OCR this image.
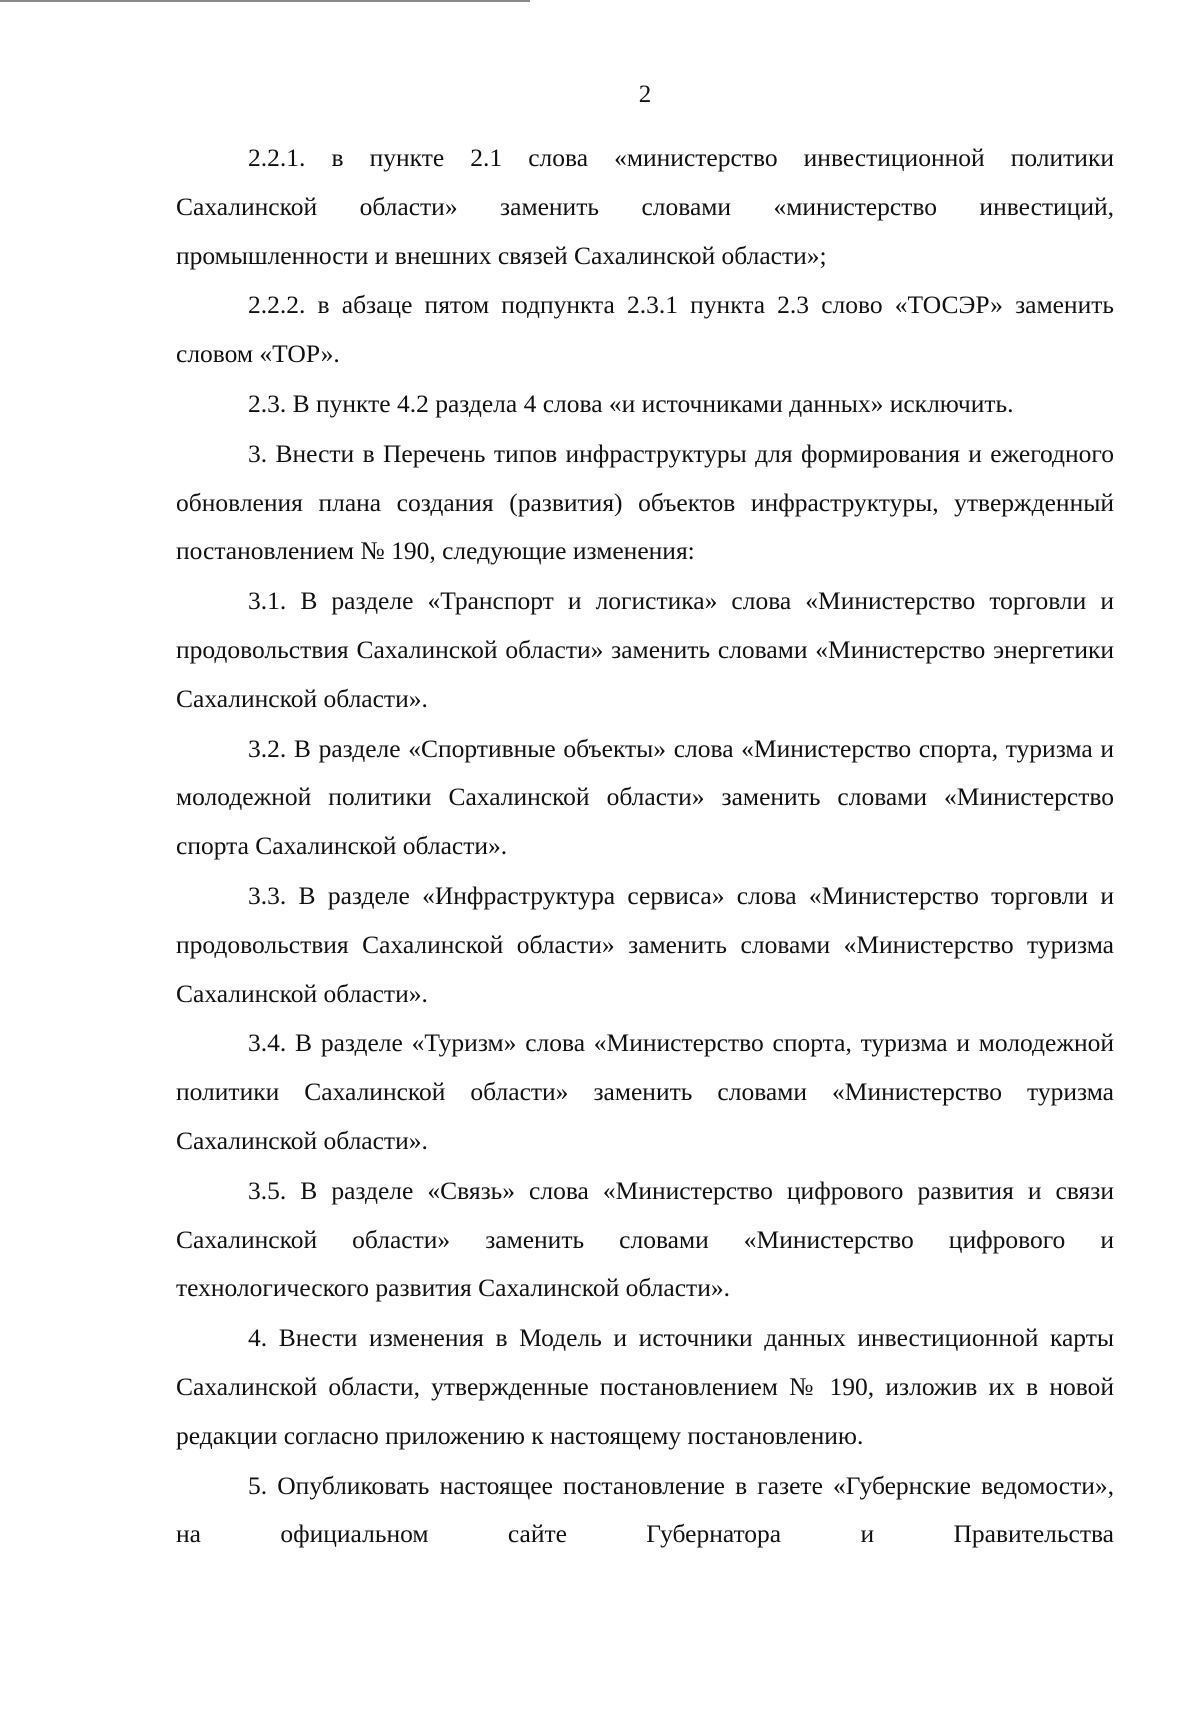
2

2.2.1. в пункте 2.1 слова «министерство инвестиционной политики Сахалинской области» заменить словами «министерство инвестиций, промышленности и внешних связей Сахалинской области»;

2.2.2. в абзаце пятом подпункта 2.3.1 пункта 2.3 слово «ТОСЭР» заменить словом «ТОР».

2.3. В пункте 4.2 раздела 4 слова «и источниками данных» исключить.

3. Внести в Перечень типов инфраструктуры для формирования и ежегодного обновления плана создания (развития) объектов инфраструктуры, утвержденный постановлением № 190, следующие изменения:

3.1. В разделе «Транспорт и логистика» слова «Министерство торговли и продовольствия Сахалинской области» заменить словами «Министерство энергетики Сахалинской области».

3.2. В разделе «Спортивные объекты» слова «Министерство спорта, туризма и молодежной политики Сахалинской области» заменить словами «Министерство спорта Сахалинской области».

3.3. В разделе «Инфраструктура сервиса» слова «Министерство торговли и продовольствия Сахалинской области» заменить словами «Министерство туризма Сахалинской области».

3.4. В разделе «Туризм» слова «Министерство спорта, туризма и молодежной политики Сахалинской области» заменить словами «Министерство туризма Сахалинской области».

3.5. В разделе «Связь» слова «Министерство цифрового развития и связи Сахалинской области» заменить словами «Министерство цифрового и технологического развития Сахалинской области».

4. Внести изменения в Модель и источники данных инвестиционной карты Сахалинской области, утвержденные постановлением № 190, изложив их в новой редакции согласно приложению к настоящему постановлению.

5. Опубликовать настоящее постановление в газете «Губернские ведомости», на официальном сайте Губернатора и Правительства
